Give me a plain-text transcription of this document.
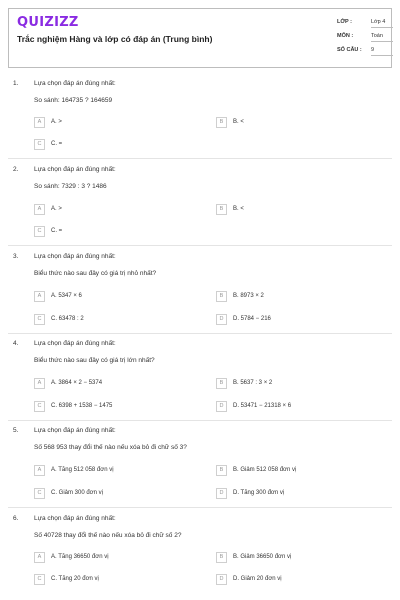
QUIZIZZ
Trắc nghiệm Hàng và lớp có đáp án (Trung bình)
LỚP :	Lớp 4
MÔN :	Toán
SỐ CÂU : 9
1. Lựa chọn đáp án đúng nhất:
So sánh: 164735 ? 164659
A	A. >	B	B. <
C	C. =
2. Lựa chọn đáp án đúng nhất:
So sánh: 7329 : 3 ? 1486
A	A. >	B	B. <
C	C. =
3. Lựa chọn đáp án đúng nhất:
Biểu thức nào sau đây có giá trị nhỏ nhất?
A	A. 5347 × 6	B	B. 8973 × 2
C	C. 63478 : 2	D	D. 5784 − 216
4. Lựa chọn đáp án đúng nhất:
Biểu thức nào sau đây có giá trị lớn nhất?
A	A. 3864 × 2 − 5374	B	B. 5637 : 3 × 2
C	C. 6398 + 1538 − 1475	D	D. 53471 − 21318 × 6
5. Lựa chọn đáp án đúng nhất:
Số 568 953 thay đổi thế nào nếu xóa bỏ đi chữ số 3?
A	A. Tăng 512 058 đơn vị	B	B. Giảm 512 058 đơn vị
C	C. Giảm 300 đơn vị	D	D. Tăng 300 đơn vị
6. Lựa chọn đáp án đúng nhất:
Số 40728 thay đổi thế nào nếu xóa bỏ đi chữ số 2?
A	A. Tăng 36650 đơn vị	B	B. Giảm 36650 đơn vị
C	C. Tăng 20 đơn vị	D	D. Giảm 20 đơn vị
